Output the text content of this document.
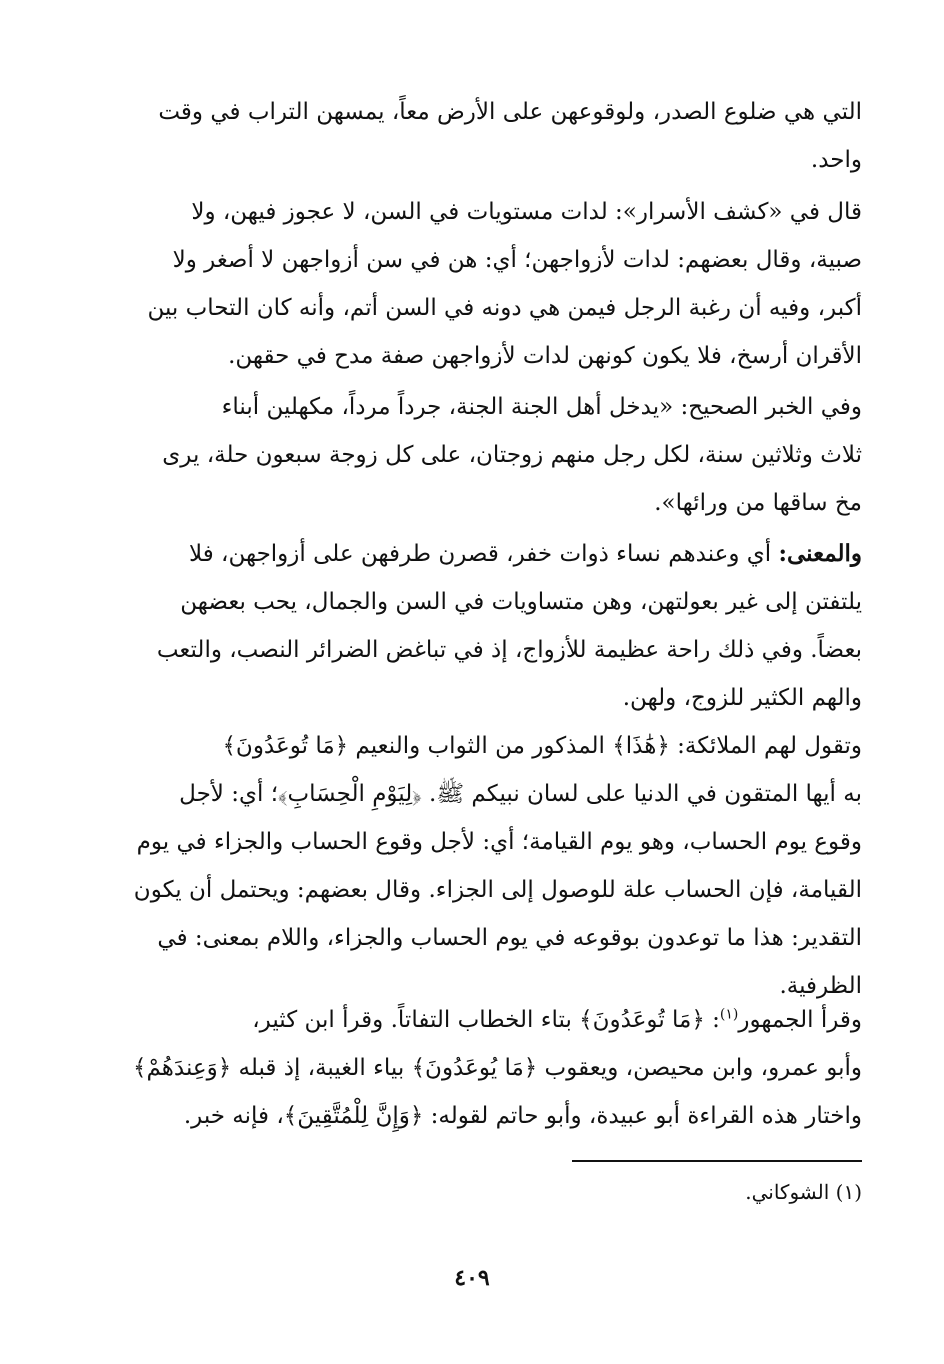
التي هي ضلوع الصدر، ولوقوعهن على الأرض معاً، يمسهن التراب في وقت
واحد.
قال في «كشف الأسرار»: لدات مستويات في السن، لا عجوز فيهن، ولا
صبية، وقال بعضهم: لدات لأزواجهن؛ أي: هن في سن أزواجهن لا أصغر ولا
أكبر، وفيه أن رغبة الرجل فيمن هي دونه في السن أتم، وأنه كان التحاب بين
الأقران أرسخ، فلا يكون كونهن لدات لأزواجهن صفة مدح في حقهن.
وفي الخبر الصحيح: «يدخل أهل الجنة الجنة، جرداً مرداً، مكهلين أبناء
ثلاث وثلاثين سنة، لكل رجل منهم زوجتان، على كل زوجة سبعون حلة، يرى
مخ ساقها من ورائها».
والمعنى: أي وعندهم نساء ذوات خفر، قصرن طرفهن على أزواجهن، فلا
يلتفتن إلى غير بعولتهن، وهن متساويات في السن والجمال، يحب بعضهن
بعضاً. وفي ذلك راحة عظيمة للأزواج، إذ في تباغض الضرائر النصب، والتعب
والهم الكثير للزوج، ولهن.
وتقول لهم الملائكة: ﴿هَٰذَا﴾ المذكور من الثواب والنعيم ﴿مَا تُوعَدُونَ﴾
به أيها المتقون في الدنيا على لسان نبيكم ﷺ. ﴿لِيَوْمِ الْحِسَابِ﴾؛ أي: لأجل
وقوع يوم الحساب، وهو يوم القيامة؛ أي: لأجل وقوع الحساب والجزاء في يوم
القيامة، فإن الحساب علة للوصول إلى الجزاء. وقال بعضهم: ويحتمل أن يكون
التقدير: هذا ما توعدون بوقوعه في يوم الحساب والجزاء، واللام بمعنى: في
الظرفية.
وقرأ الجمهور$^{(١)}$: ﴿مَا تُوعَدُونَ﴾ بتاء الخطاب التفاتاً. وقرأ ابن كثير،
وأبو عمرو، وابن محيصن، ويعقوب ﴿مَا يُوعَدُونَ﴾ بياء الغيبة، إذ قبله ﴿وَعِندَهُمْ﴾
واختار هذه القراءة أبو عبيدة، وأبو حاتم لقوله: ﴿وَإِنَّ لِلْمُتَّقِينَ﴾، فإنه خبر.
(١) الشوكاني.
٤٠٩
